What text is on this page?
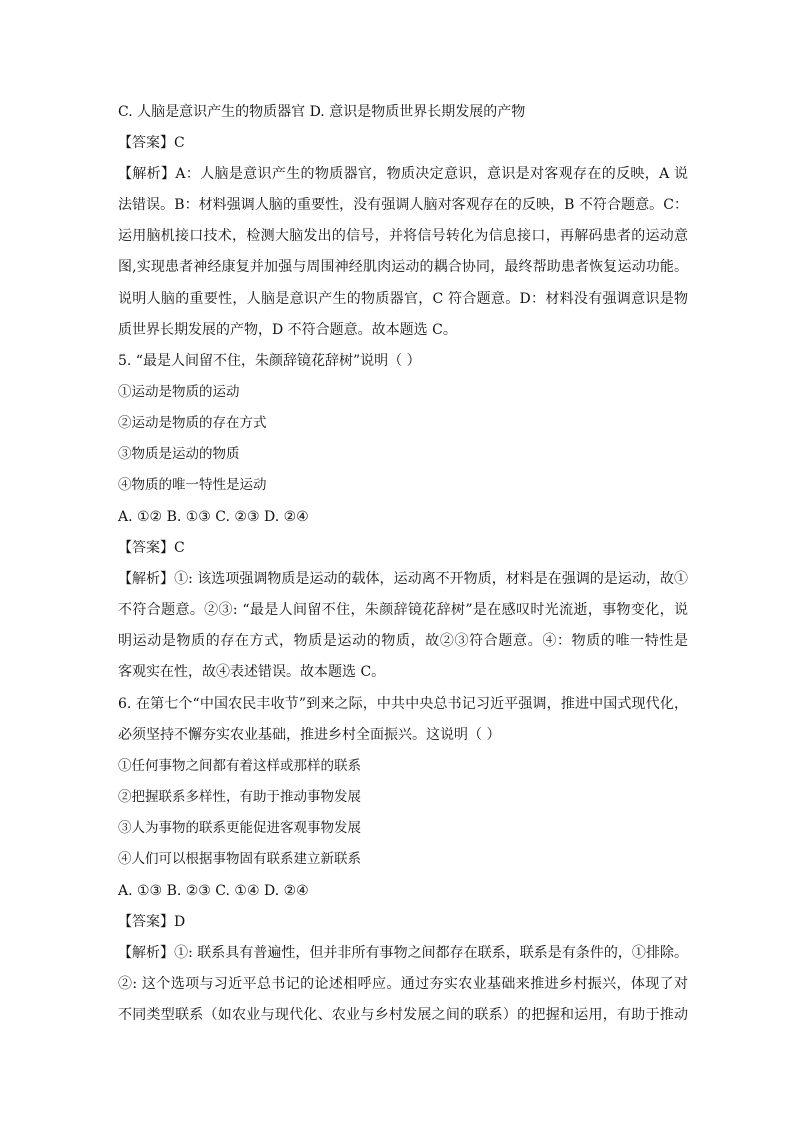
C. 人脑是意识产生的物质器官 D. 意识是物质世界长期发展的产物
【答案】C
【解析】A：人脑是意识产生的物质器官，物质决定意识，意识是对客观存在的反映，A 说
法错误。B：材料强调人脑的重要性，没有强调人脑对客观存在的反映，B 不符合题意。C：
运用脑机接口技术，检测大脑发出的信号，并将信号转化为信息接口，再解码患者的运动意
图,实现患者神经康复并加强与周围神经肌肉运动的耦合协同，最终帮助患者恢复运动功能。
说明人脑的重要性，人脑是意识产生的物质器官，C 符合题意。D：材料没有强调意识是物
质世界长期发展的产物，D 不符合题意。故本题选 C。
5. “最是人间留不住，朱颜辞镜花辞树”说明（ ）
①运动是物质的运动
②运动是物质的存在方式
③物质是运动的物质
④物质的唯一特性是运动
A. ①② B. ①③ C. ②③ D. ②④
【答案】C
【解析】①: 该选项强调物质是运动的载体，运动离不开物质，材料是在强调的是运动，故①
不符合题意。②③: “最是人间留不住，朱颜辞镜花辞树”是在感叹时光流逝，事物变化，说
明运动是物质的存在方式，物质是运动的物质，故②③符合题意。④：物质的唯一特性是
客观实在性，故④表述错误。故本题选 C。
6. 在第七个“中国农民丰收节”到来之际，中共中央总书记习近平强调，推进中国式现代化，
必须坚持不懈夯实农业基础，推进乡村全面振兴。这说明（ ）
①任何事物之间都有着这样或那样的联系
②把握联系多样性，有助于推动事物发展
③人为事物的联系更能促进客观事物发展
④人们可以根据事物固有联系建立新联系
A. ①③ B. ②③ C. ①④ D. ②④
【答案】D
【解析】①: 联系具有普遍性，但并非所有事物之间都存在联系，联系是有条件的，①排除。
②: 这个选项与习近平总书记的论述相呼应。通过夯实农业基础来推进乡村振兴，体现了对
不同类型联系（如农业与现代化、农业与乡村发展之间的联系）的把握和运用，有助于推动
